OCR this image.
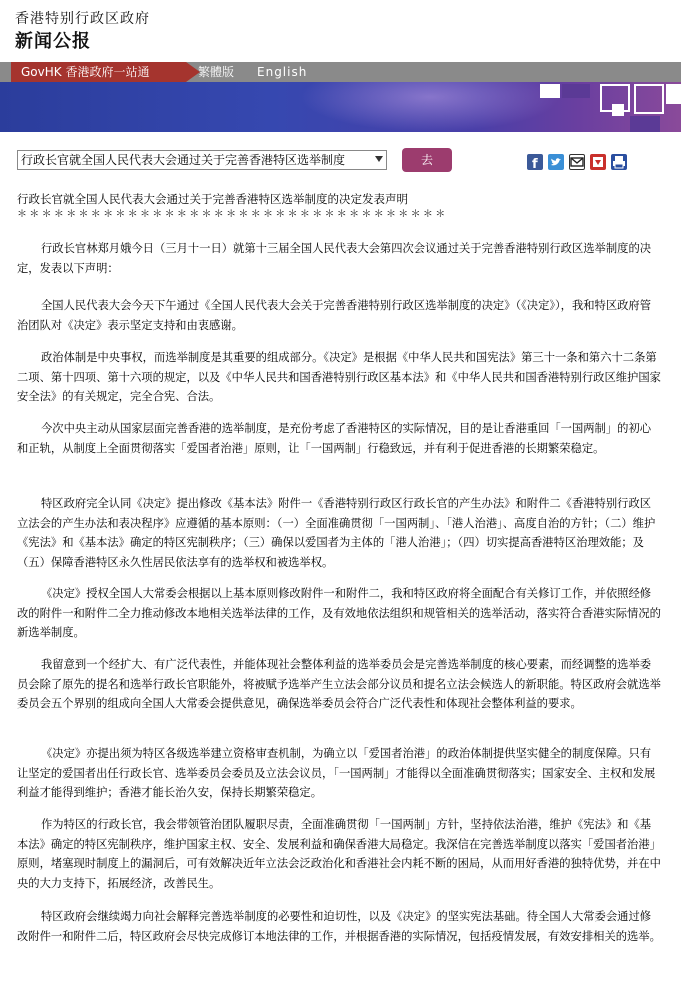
香港特别行政区政府
新闻公报
GovHK 香港政府一站通	繁體版 English
行政长官就全国人民代表大会通过关于完善香港特区选举制度	去	f
行政长官就全国人民代表大会通过关于完善香港特区选举制度的决定发表声明
＊＊＊＊＊＊＊＊＊＊＊＊＊＊＊＊＊＊＊＊＊＊＊＊＊＊＊＊＊＊＊＊＊＊＊

行政长官林郑月娥今日（三月十一日）就第十三届全国人民代表大会第四次会议通过关于完善香港特别行政区选举制度的决定，发表以下声明：

全国人民代表大会今天下午通过《全国人民代表大会关于完善香港特别行政区选举制度的决定》（《决定》），我和特区政府管治团队对《决定》表示坚定支持和由衷感谢。

政治体制是中央事权，而选举制度是其重要的组成部分。《决定》是根据《中华人民共和国宪法》第三十一条和第六十二条第二项、第十四项、第十六项的规定，以及《中华人民共和国香港特别行政区基本法》和《中华人民共和国香港特别行政区维护国家安全法》的有关规定，完全合宪、合法。

今次中央主动从国家层面完善香港的选举制度，是充份考虑了香港特区的实际情况，目的是让香港重回「一国两制」的初心和正轨，从制度上全面贯彻落实「爱国者治港」原则，让「一国两制」行稳致远，并有利于促进香港的长期繁荣稳定。

特区政府完全认同《决定》提出修改《基本法》附件一《香港特别行政区行政长官的产生办法》和附件二《香港特别行政区立法会的产生办法和表决程序》应遵循的基本原则：（一）全面准确贯彻「一国两制」、「港人治港」、高度自治的方针；（二）维护《宪法》和《基本法》确定的特区宪制秩序；（三）确保以爱国者为主体的「港人治港」；（四）切实提高香港特区治理效能；及（五）保障香港特区永久性居民依法享有的选举权和被选举权。

《决定》授权全国人大常委会根据以上基本原则修改附件一和附件二，我和特区政府将全面配合有关修订工作，并依照经修改的附件一和附件二全力推动修改本地相关选举法律的工作，及有效地依法组织和规管相关的选举活动，落实符合香港实际情况的新选举制度。

我留意到一个经扩大、有广泛代表性，并能体现社会整体利益的选举委员会是完善选举制度的核心要素，而经调整的选举委员会除了原先的提名和选举行政长官职能外，将被赋予选举产生立法会部分议员和提名立法会候选人的新职能。特区政府会就选举委员会五个界别的组成向全国人大常委会提供意见，确保选举委员会符合广泛代表性和体现社会整体利益的要求。

《决定》亦提出须为特区各级选举建立资格审查机制，为确立以「爱国者治港」的政治体制提供坚实健全的制度保障。只有让坚定的爱国者出任行政长官、选举委员会委员及立法会议员，「一国两制」才能得以全面准确贯彻落实；国家安全、主权和发展利益才能得到维护；香港才能长治久安，保持长期繁荣稳定。

作为特区的行政长官，我会带领管治团队履职尽责，全面准确贯彻「一国两制」方针，坚持依法治港，维护《宪法》和《基本法》确定的特区宪制秩序，维护国家主权、安全、发展利益和确保香港大局稳定。我深信在完善选举制度以落实「爱国者治港」原则，堵塞现时制度上的漏洞后，可有效解决近年立法会泛政治化和香港社会内耗不断的困局，从而用好香港的独特优势，并在中央的大力支持下，拓展经济，改善民生。

特区政府会继续竭力向社会解释完善选举制度的必要性和迫切性，以及《决定》的坚实宪法基础。待全国人大常委会通过修改附件一和附件二后，特区政府会尽快完成修订本地法律的工作，并根据香港的实际情况，包括疫情发展，有效安排相关的选举。
